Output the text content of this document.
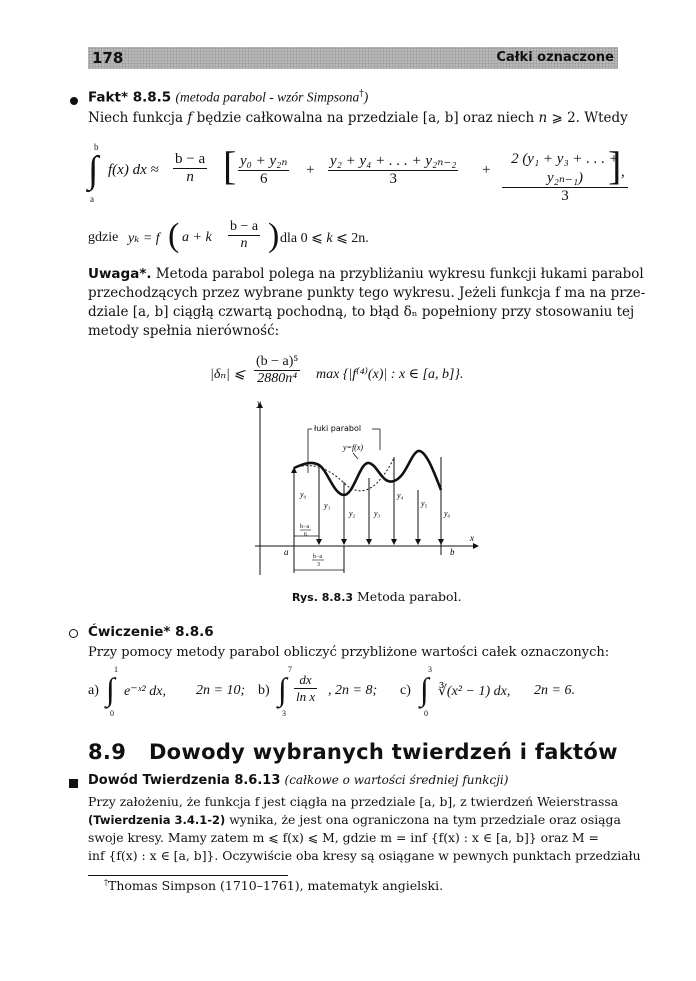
178	Całki oznaczone
Fakt* 8.8.5 (metoda parabol - wzór Simpsona†)
Niech funkcja f będzie całkowalna na przedziale [a, b] oraz niech n ⩾ 2. Wtedy
b
∫
a
f(x) dx ≈ $\frac{b - a}{n}$ [ $\frac{\text{y₀ + y₂ₙ}}{6} + \frac{\text{y₂ + y₄ + . . . + y₂ₙ₋₂}}{3} + \frac{\text{2 (y₁ + y₃ + . . . + y₂ₙ₋₁)}}{3}$
] ,
gdzie yₖ = f ( a + k $\frac{b - a}{n}$ ) dla 0 ⩽ k ⩽ 2n.
Uwaga*. Metoda parabol polega na przybliżaniu wykresu funkcji łukami parabol
przechodzących przez wybrane punkty tego wykresu. Jeżeli funkcja f ma na prze-
dziale [a, b] ciągłą czwartą pochodną, to błąd δₙ popełniony przy stosowaniu tej
metody spełnia nierówność:
|δₙ| ⩽ $\frac{\text{(b − a)⁵}}{\text{2880n⁴}}$ max {|f⁽⁴⁾(x)| : x ∈ [a, b]}.
y
x
a	b
łuki parabol
y=f(x)
y₀
y₁
y₂ y₃
y₄
y₅
y₆
b−a
6
b−a
3
Rys. 8.8.3 Metoda parabol.
Ćwiczenie* 8.8.6
Przy pomocy metody parabol obliczyć przybliżone wartości całek oznaczonych:
a)
1
∫
0
e⁻ˣ² dx, 2n = 10; b)
7
∫
3
$\frac{dx}{\text{ln x}}$ , 2n = 8; c)
3
∫
0
∛(x² − 1) dx, 2n = 6.
8.9 Dowody wybranych twierdzeń i faktów
Dowód Twierdzenia 8.6.13 (całkowe o wartości średniej funkcji)
Przy założeniu, że funkcja f jest ciągła na przedziale [a, b], z twierdzeń Weierstrassa
(Twierdzenia 3.4.1-2) wynika, że jest ona ograniczona na tym przedziale oraz osiąga
swoje kresy. Mamy zatem m ⩽ f(x) ⩽ M, gdzie m = inf {f(x) : x ∈ [a, b]} oraz M =
inf {f(x) : x ∈ [a, b]}. Oczywiście oba kresy są osiągane w pewnych punktach przedziału
†Thomas Simpson (1710–1761), matematyk angielski.
